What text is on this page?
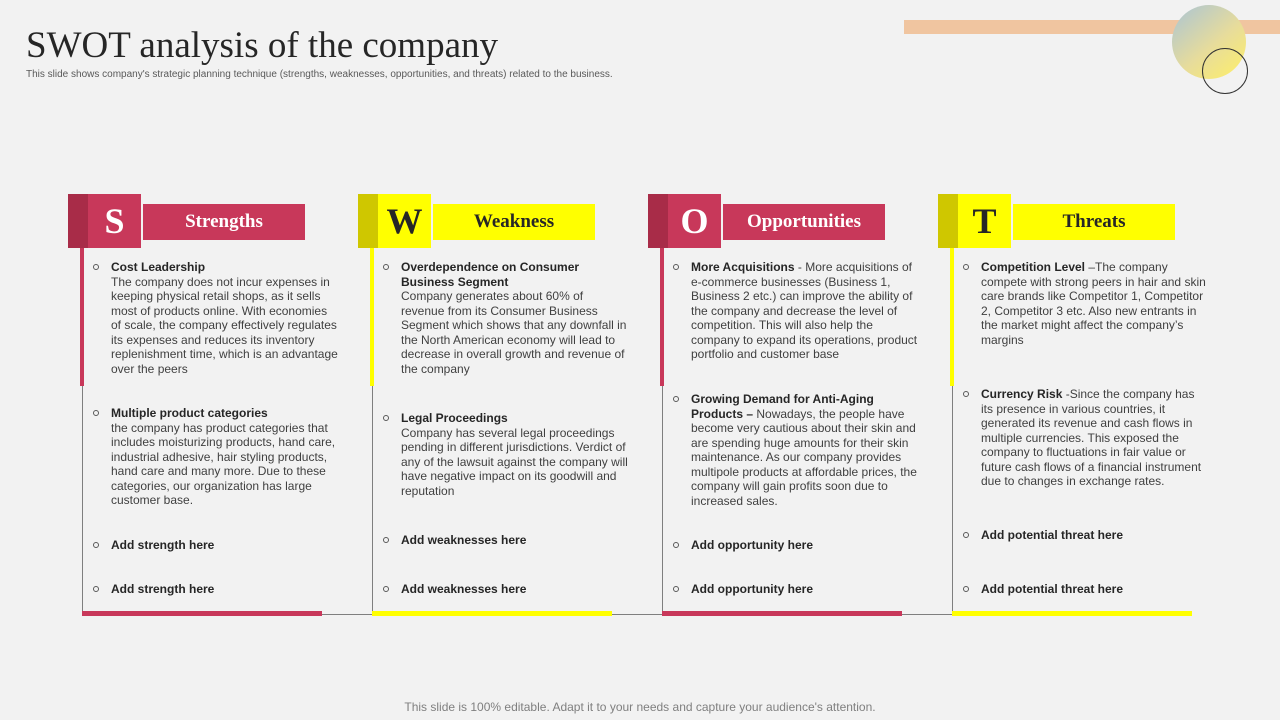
SWOT analysis of the company
This slide shows company's strategic planning technique (strengths, weaknesses, opportunities, and threats) related to the business.
S	Strengths
Cost Leadership
The company does not incur expenses in keeping physical retail shops, as it sells most of products online. With economies of scale, the company effectively regulates its expenses and reduces its inventory replenishment time, which is an advantage over the peers
Multiple product categories
the company has product categories that includes moisturizing products, hand care, industrial adhesive, hair styling products, hand care and many more. Due to these categories, our organization has large customer base.
Add strength here
Add strength here
W	Weakness
Overdependence on Consumer Business Segment
Company generates about 60% of revenue from its Consumer Business Segment which shows that any downfall in the North American economy will lead to decrease in overall growth and revenue of the company
Legal Proceedings
Company has several legal proceedings pending in different jurisdictions. Verdict of any of the lawsuit against the company will have negative impact on its goodwill and reputation
Add weaknesses here
Add weaknesses here
O	Opportunities
More Acquisitions - More acquisitions of e-commerce businesses (Business 1, Business 2 etc.) can improve the ability of the company and decrease the level of competition. This will also help the company to expand its operations, product portfolio and customer base
Growing Demand for Anti-Aging Products – Nowadays, the people have become very cautious about their skin and are spending huge amounts for their skin maintenance. As our company provides multipole products at affordable prices, the company will gain profits soon due to increased sales.
Add opportunity here
Add opportunity here
T	Threats
Competition Level –The company compete with strong peers in hair and skin care brands like Competitor 1, Competitor 2, Competitor 3 etc. Also new entrants in the market might affect the company’s margins
Currency Risk -Since the company has its presence in various countries, it generated its revenue and cash flows in multiple currencies. This exposed the company to fluctuations in fair value or future cash flows of a financial instrument due to changes in exchange rates.
Add potential threat here
Add potential threat here
This slide is 100% editable. Adapt it to your needs and capture your audience's attention.
